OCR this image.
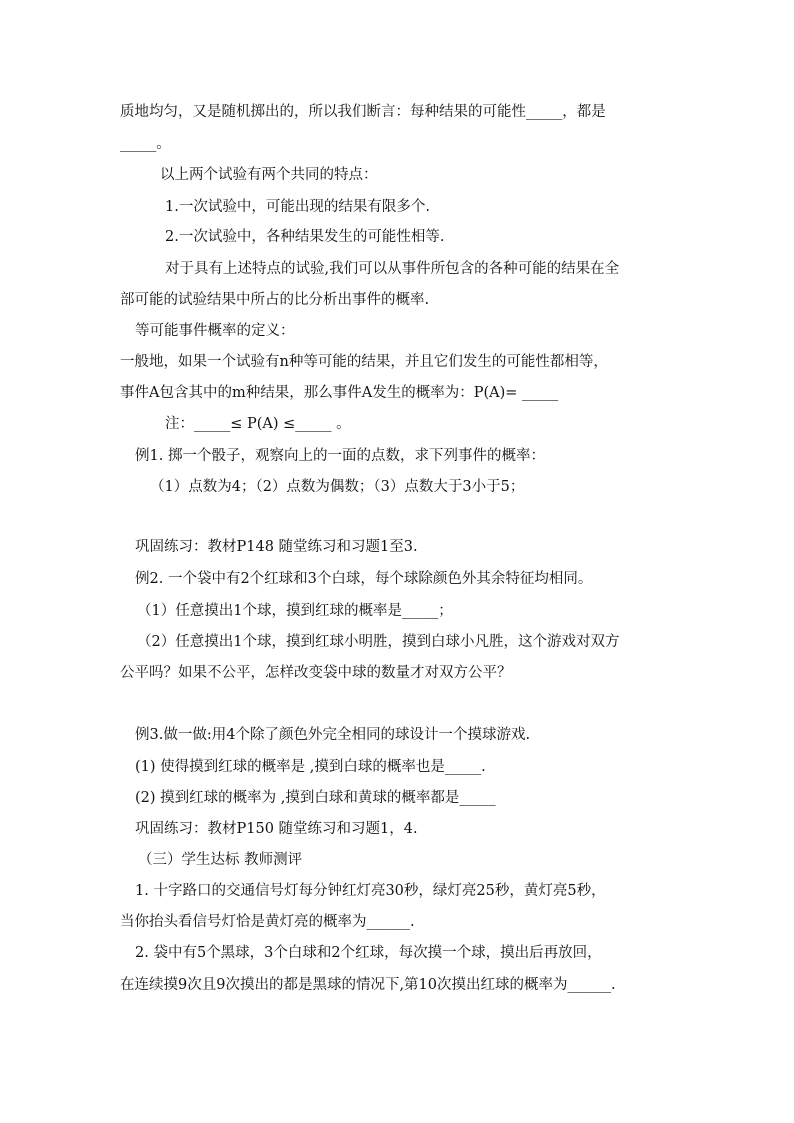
质地均匀，又是随机掷出的，所以我们断言：每种结果的可能性_____，都是
_____。
以上两个试验有两个共同的特点：
1.一次试验中，可能出现的结果有限多个.
2.一次试验中，各种结果发生的可能性相等.
对于具有上述特点的试验,我们可以从事件所包含的各种可能的结果在全
部可能的试验结果中所占的比分析出事件的概率.
等可能事件概率的定义：
一般地，如果一个试验有n种等可能的结果，并且它们发生的可能性都相等，
事件A包含其中的m种结果，那么事件A发生的概率为：P(A)= _____
注：_____≤ P(A) ≤_____ 。
例1. 掷一个骰子，观察向上的一面的点数，求下列事件的概率：
（1）点数为4；（2）点数为偶数；（3）点数大于3小于5；
巩固练习：教材P148 随堂练习和习题1至3.
例2. 一个袋中有2个红球和3个白球，每个球除颜色外其余特征均相同。
（1）任意摸出1个球，摸到红球的概率是_____；
（2）任意摸出1个球，摸到红球小明胜，摸到白球小凡胜，这个游戏对双方
公平吗？如果不公平，怎样改变袋中球的数量才对双方公平？
例3.做一做:用4个除了颜色外完全相同的球设计一个摸球游戏.
(1) 使得摸到红球的概率是 ,摸到白球的概率也是_____.
(2) 摸到红球的概率为 ,摸到白球和黄球的概率都是_____
巩固练习：教材P150 随堂练习和习题1，4.
（三）学生达标 教师测评
1. 十字路口的交通信号灯每分钟红灯亮30秒，绿灯亮25秒，黄灯亮5秒，
当你抬头看信号灯恰是黄灯亮的概率为______.
2. 袋中有5个黑球，3个白球和2个红球，每次摸一个球，摸出后再放回，
在连续摸9次且9次摸出的都是黑球的情况下,第10次摸出红球的概率为______.
